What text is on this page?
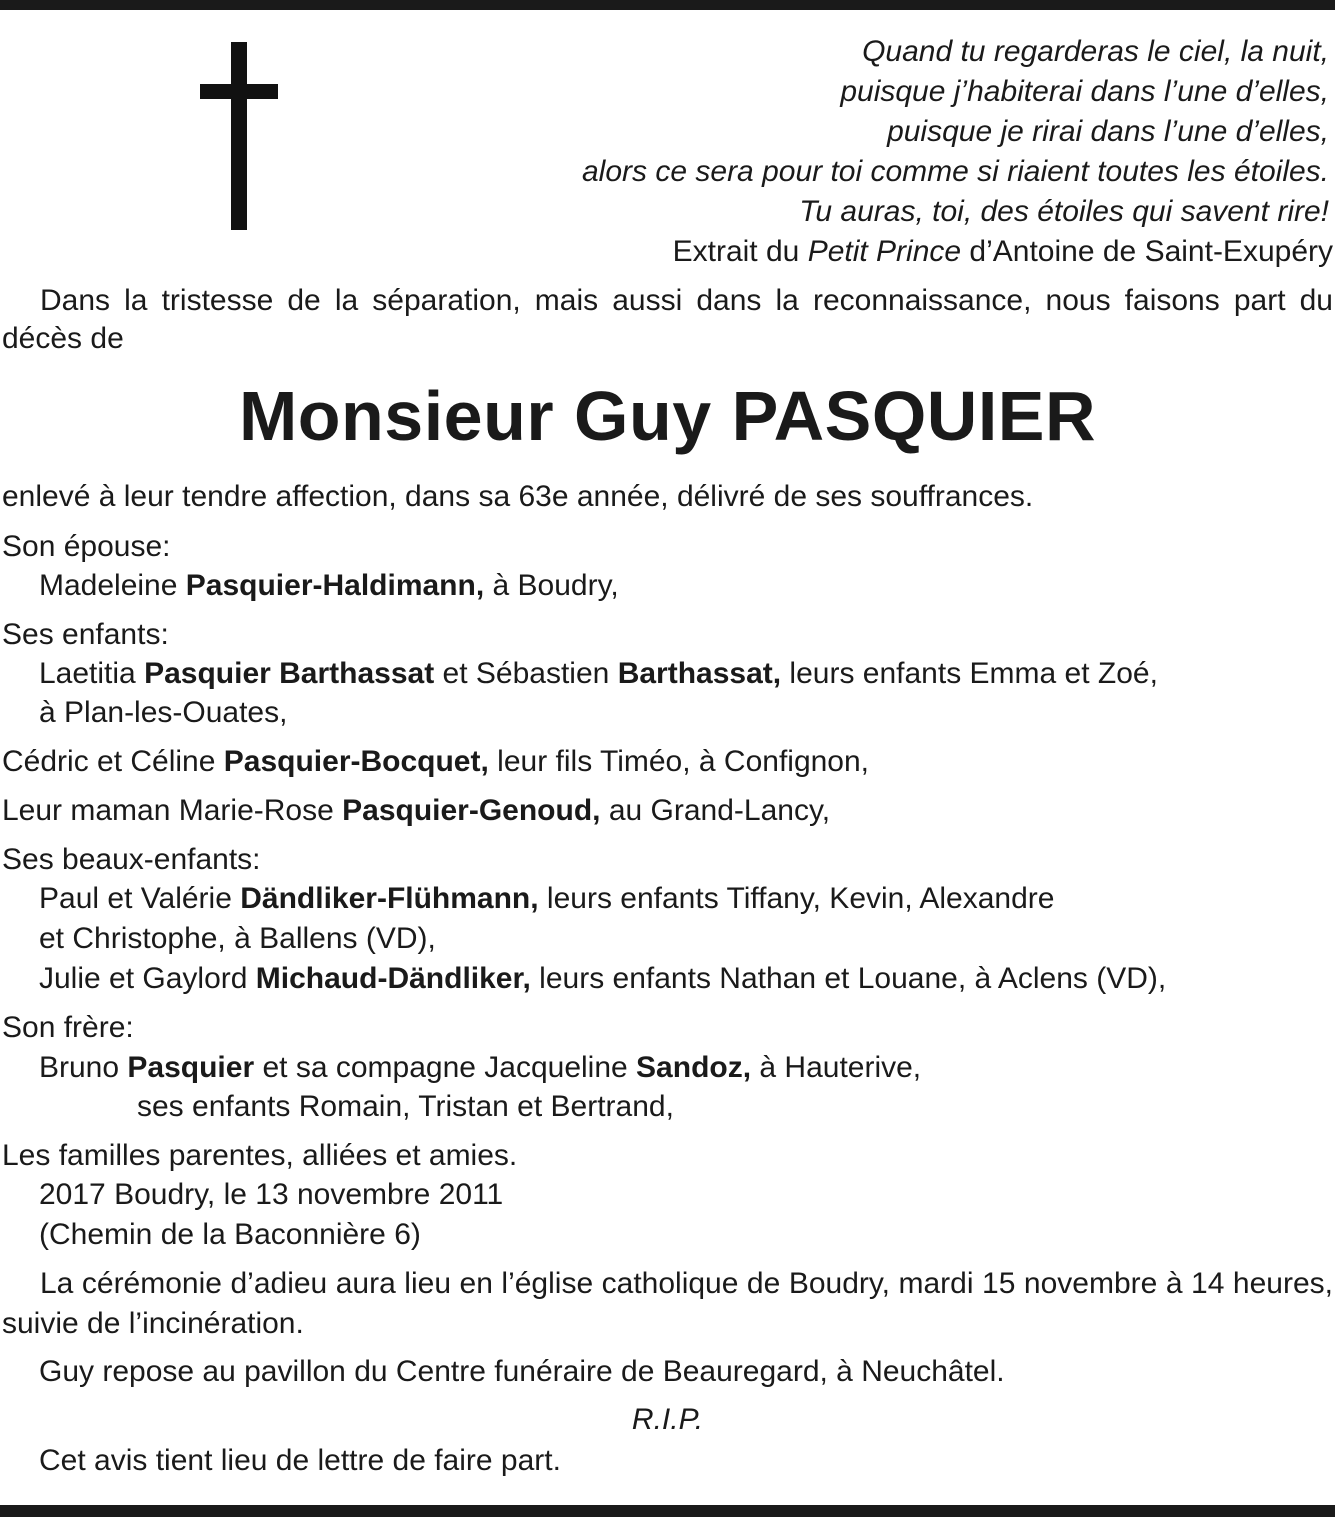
Quand tu regarderas le ciel, la nuit,
puisque j’habiterai dans l’une d’elles,
puisque je rirai dans l’une d’elles,
alors ce sera pour toi comme si riaient toutes les étoiles.
Tu auras, toi, des étoiles qui savent rire!
Extrait du Petit Prince d’Antoine de Saint-Exupéry
Dans la tristesse de la séparation, mais aussi dans la reconnaissance, nous faisons part du décès de
Monsieur Guy PASQUIER
enlevé à leur tendre affection, dans sa 63e année, délivré de ses souffrances.
Son épouse:
Madeleine Pasquier-Haldimann, à Boudry,
Ses enfants:
Laetitia Pasquier Barthassat et Sébastien Barthassat, leurs enfants Emma et Zoé,
à Plan-les-Ouates,
Cédric et Céline Pasquier-Bocquet, leur fils Timéo, à Confignon,
Leur maman Marie-Rose Pasquier-Genoud, au Grand-Lancy,
Ses beaux-enfants:
Paul et Valérie Dändliker-Flühmann, leurs enfants Tiffany, Kevin, Alexandre
et Christophe, à Ballens (VD),
Julie et Gaylord Michaud-Dändliker, leurs enfants Nathan et Louane, à Aclens (VD),
Son frère:
Bruno Pasquier et sa compagne Jacqueline Sandoz, à Hauterive,
ses enfants Romain, Tristan et Bertrand,
Les familles parentes, alliées et amies.
2017 Boudry, le 13 novembre 2011
(Chemin de la Baconnière 6)
La cérémonie d’adieu aura lieu en l’église catholique de Boudry, mardi 15 novembre à 14 heures, suivie de l’incinération.
Guy repose au pavillon du Centre funéraire de Beauregard, à Neuchâtel.
R.I.P.
Cet avis tient lieu de lettre de faire part.
